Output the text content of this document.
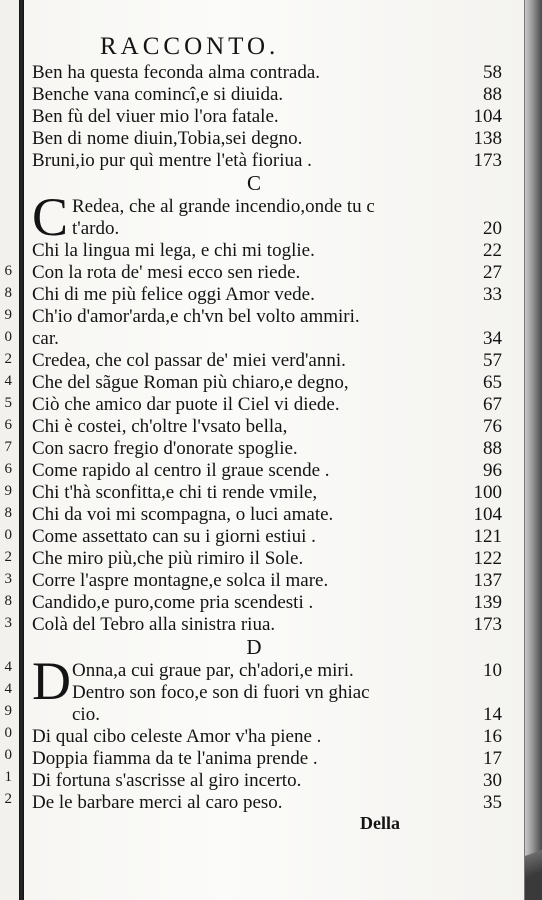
6
8
9
0
2
4
5
6
7
6
9
8
0
2
3
8
3
4
4
9
0
0
1
2
RACCONTO.
Ben ha questa feconda alma contrada.	58
Benche vana comincî,e si diuida.	88
Ben fù del viuer mio l'ora fatale.	104
Ben di nome diuin,Tobia,sei degno.	138
Bruni,io pur quì mentre l'età fioriua .	173
C
C Redea, che al grande incendio,onde tu c
t'ardo.	20
Chi la lingua mi lega, e chi mi toglie.	22
Con la rota de' mesi ecco sen riede.	27
Chi di me più felice oggi Amor vede.	33
Ch'io d'amor'arda,e ch'vn bel volto ammiri.
car.	34
Credea, che col passar de' miei verd'anni.	57
Che del sãgue Roman più chiaro,e degno,	65
Ciò che amico dar puote il Ciel vi diede.	67
Chi è costei, ch'oltre l'vsato bella,	76
Con sacro fregio d'onorate spoglie.	88
Come rapido al centro il graue scende .	96
Chi t'hà sconfitta,e chi ti rende vmile,	100
Chi da voi mi scompagna, o luci amate.	104
Come assettato can su i giorni estiui .	121
Che miro più,che più rimiro il Sole.	122
Corre l'aspre montagne,e solca il mare.	137
Candido,e puro,come pria scendesti .	139
Colà del Tebro alla sinistra riua.	173
D
D Onna,a cui graue par, ch'adori,e miri.	10
Dentro son foco,e son di fuori vn ghiac
cio.	14
Di qual cibo celeste Amor v'ha piene .	16
Doppia fiamma da te l'anima prende .	17
Di fortuna s'ascrisse al giro incerto.	30
De le barbare merci al caro peso.	35
Della
